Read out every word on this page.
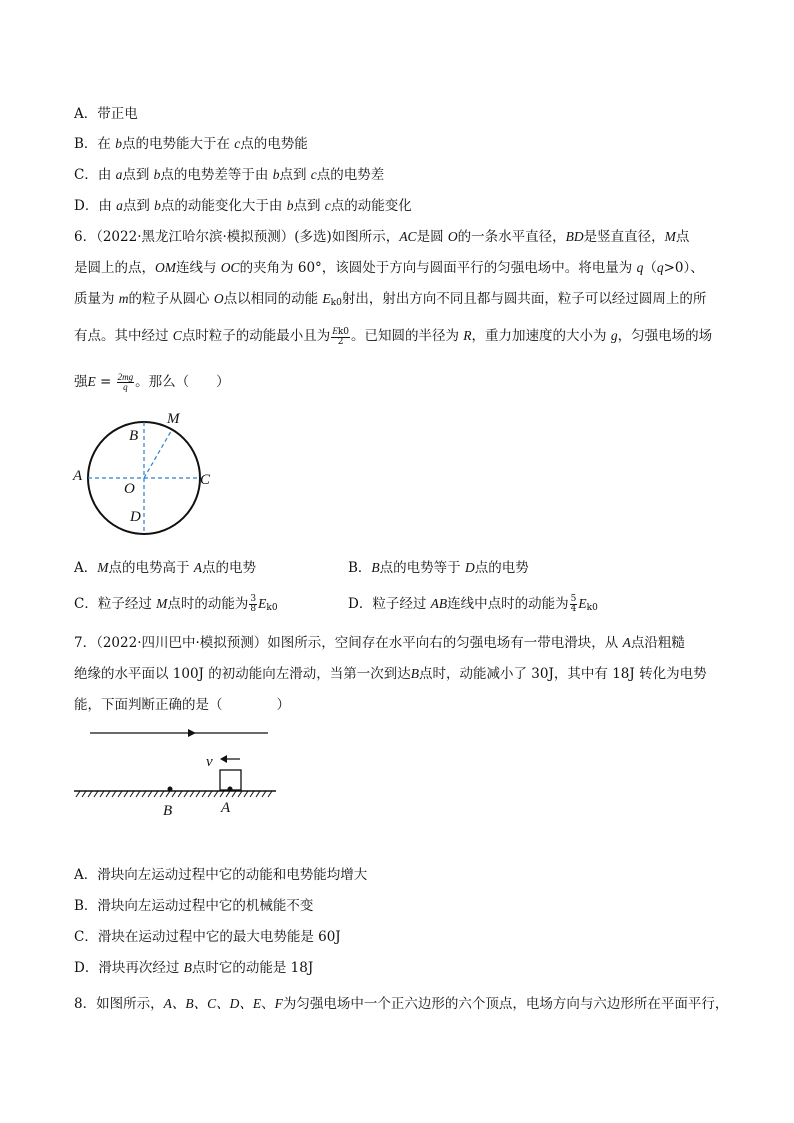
A．带正电
B．在 b点的电势能大于在 c点的电势能
C．由 a点到 b点的电势差等于由 b点到 c点的电势差
D．由 a点到 b点的动能变化大于由 b点到 c点的动能变化
6．（2022·黑龙江哈尔滨·模拟预测）(多选)如图所示，AC是圆 O的一条水平直径，BD是竖直直径，M点
是圆上的点，OM连线与 OC的夹角为 60°，该圆处于方向与圆面平行的匀强电场中。将电量为 q（q>0）、
质量为 m的粒子从圆心 O点以相同的动能 $E_{k0}$射出，射出方向不同且都与圆共面，粒子可以经过圆周上的所
有点。其中经过 C点时粒子的动能最小且为 $\frac{Ek0}{2}$ 。已知圆的半径为 R，重力加速度的大小为 g，匀强电场的场
强$E = \frac{2mg}{q}$ 。那么（　　）
A
B
C
D
O
M
A．M点的电势高于 A点的电势	B．B点的电势等于 D点的电势
C．粒子经过 M点时的动能为 $\frac{3}{8} E_{k0}$	D．粒子经过 AB连线中点时的动能为 $\frac{5}{4} E_{k0}$
7．（2022·四川巴中·模拟预测）如图所示，空间存在水平向右的匀强电场有一带电滑块，从 A点沿粗糙
绝缘的水平面以 100J 的初动能向左滑动，当第一次到达B点时，动能减小了 30J，其中有 18J 转化为电势
能，下面判断正确的是（　　　　）
v
B	A
A．滑块向左运动过程中它的动能和电势能均增大
B．滑块向左运动过程中它的机械能不变
C．滑块在运动过程中它的最大电势能是 60J
D．滑块再次经过 B点时它的动能是 18J
8．如图所示，A、B、C、D、E、F为匀强电场中一个正六边形的六个顶点，电场方向与六边形所在平面平行，
